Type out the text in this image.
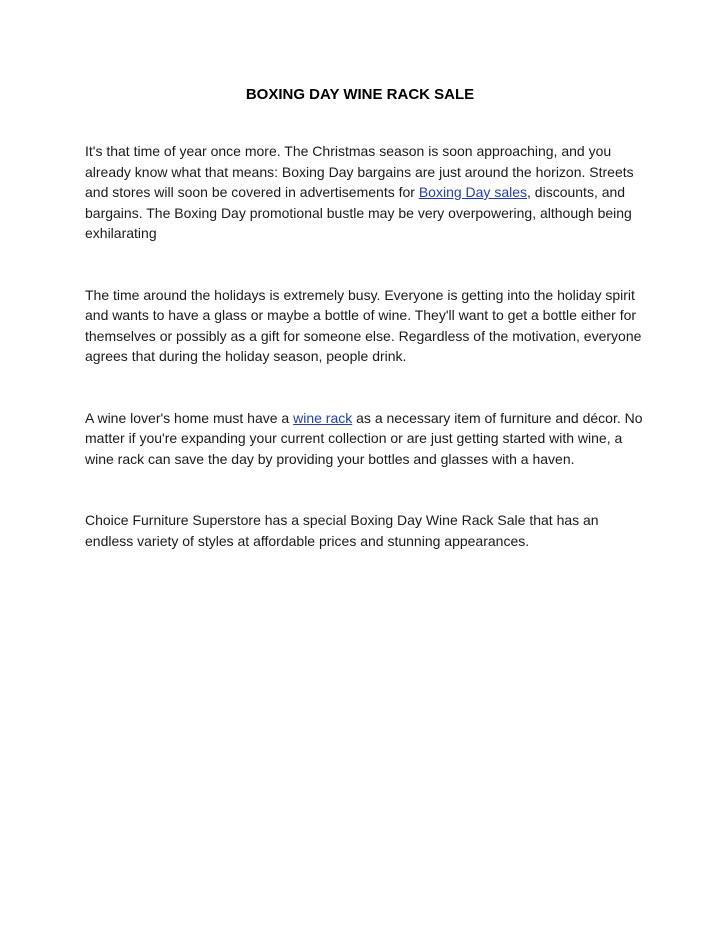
BOXING DAY WINE RACK SALE

It's that time of year once more. The Christmas season is soon approaching, and you already know what that means: Boxing Day bargains are just around the horizon. Streets and stores will soon be covered in advertisements for Boxing Day sales, discounts, and bargains. The Boxing Day promotional bustle may be very overpowering, although being exhilarating

The time around the holidays is extremely busy. Everyone is getting into the holiday spirit and wants to have a glass or maybe a bottle of wine. They'll want to get a bottle either for themselves or possibly as a gift for someone else. Regardless of the motivation, everyone agrees that during the holiday season, people drink.

A wine lover's home must have a wine rack as a necessary item of furniture and décor. No matter if you're expanding your current collection or are just getting started with wine, a wine rack can save the day by providing your bottles and glasses with a haven.

Choice Furniture Superstore has a special Boxing Day Wine Rack Sale that has an endless variety of styles at affordable prices and stunning appearances.
